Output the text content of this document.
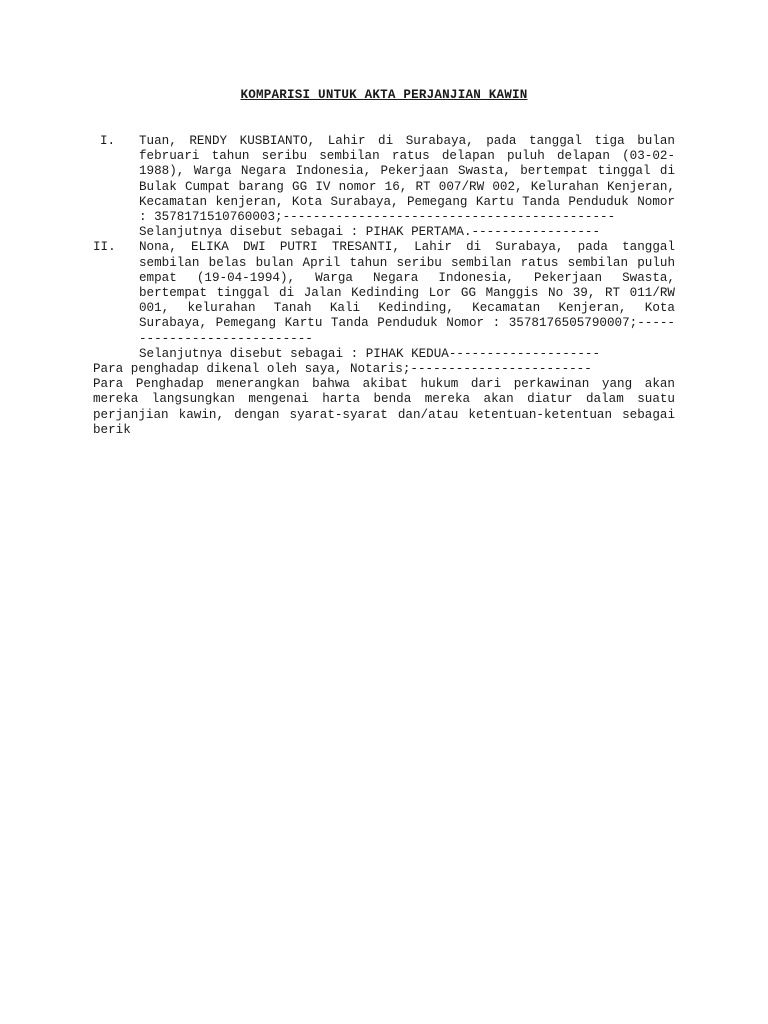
KOMPARISI UNTUK AKTA PERJANJIAN KAWIN
I.	Tuan, RENDY KUSBIANTO, Lahir di Surabaya, pada tanggal tiga bulan februari tahun seribu sembilan ratus delapan puluh delapan (03-02-1988), Warga Negara Indonesia, Pekerjaan Swasta, bertempat tinggal di Bulak Cumpat barang GG IV nomor 16, RT 007/RW 002, Kelurahan Kenjeran, Kecamatan kenjeran, Kota Surabaya, Pemegang Kartu Tanda Penduduk Nomor : 3578171510760003;--------------------------------------------
Selanjutnya disebut sebagai : PIHAK PERTAMA.-----------------
II.	Nona, ELIKA DWI PUTRI TRESANTI, Lahir di Surabaya, pada tanggal sembilan belas bulan April tahun seribu sembilan ratus sembilan puluh empat (19-04-1994), Warga Negara Indonesia, Pekerjaan Swasta, bertempat tinggal di Jalan Kedinding Lor GG Manggis No 39, RT 011/RW 001, kelurahan Tanah Kali Kedinding, Kecamatan Kenjeran, Kota Surabaya, Pemegang Kartu Tanda Penduduk Nomor : 3578176505790007;----------------------------
Selanjutnya disebut sebagai : PIHAK KEDUA--------------------
Para penghadap dikenal oleh saya, Notaris;------------------------
Para Penghadap menerangkan bahwa akibat hukum dari perkawinan yang akan mereka langsungkan mengenai harta benda mereka akan diatur dalam suatu perjanjian kawin, dengan syarat-syarat dan/atau ketentuan-ketentuan sebagai berik
